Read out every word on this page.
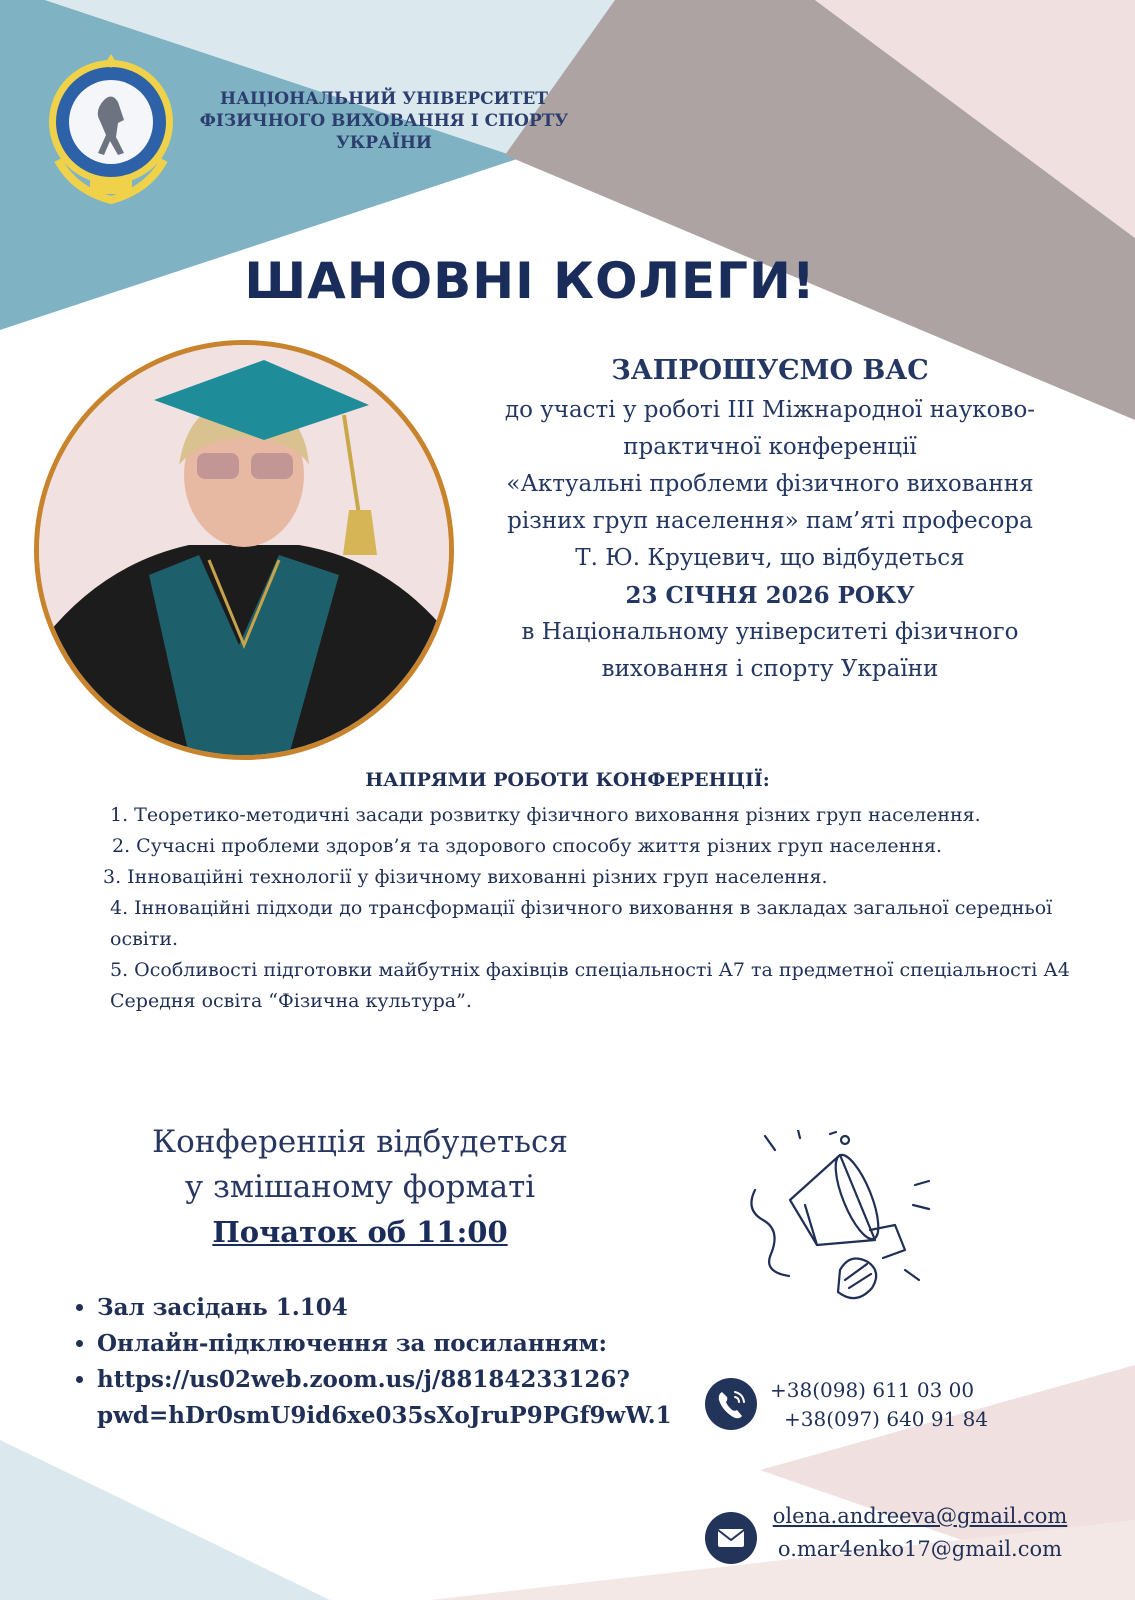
НАЦІОНАЛЬНИЙ УНІВЕРСИТЕТ
ФІЗИЧНОГО ВИХОВАННЯ І СПОРТУ
УКРАЇНИ
ШАНОВНІ КОЛЕГИ!
ЗАПРОШУЄМО ВАС
до участі у роботі ІІІ Міжнародної науково-
практичної конференції
«Актуальні проблеми фізичного виховання
різних груп населення» пам’яті професора
Т. Ю. Круцевич, що відбудеться
23 СІЧНЯ 2026 РОКУ
в Національному університеті фізичного
виховання і спорту України
НАПРЯМИ РОБОТИ КОНФЕРЕНЦІЇ:

1. Теоретико-методичні засади розвитку фізичного виховання різних груп населення.

2. Сучасні проблеми здоров’я та здорового способу життя різних груп населення.

3. Інноваційні технології у фізичному вихованні різних груп населення.

4. Інноваційні підходи до трансформації фізичного виховання в закладах загальної середньої освіти.

5. Особливості підготовки майбутніх фахівців спеціальності А7 та предметної спеціальності А4 Середня освіта “Фізична культура”.

Конференція відбудеться
у змішаному форматі
Початок об 11:00
• Зал засідань 1.104
• Онлайн-підключення за посиланням:
• https://us02web.zoom.us/j/88184233126?
pwd=hDr0smU9id6xe035sXoJruP9PGf9wW.1
+38(098) 611 03 00
+38(097) 640 91 84
olena.andreeva@gmail.com
o.mar4enko17@gmail.com
